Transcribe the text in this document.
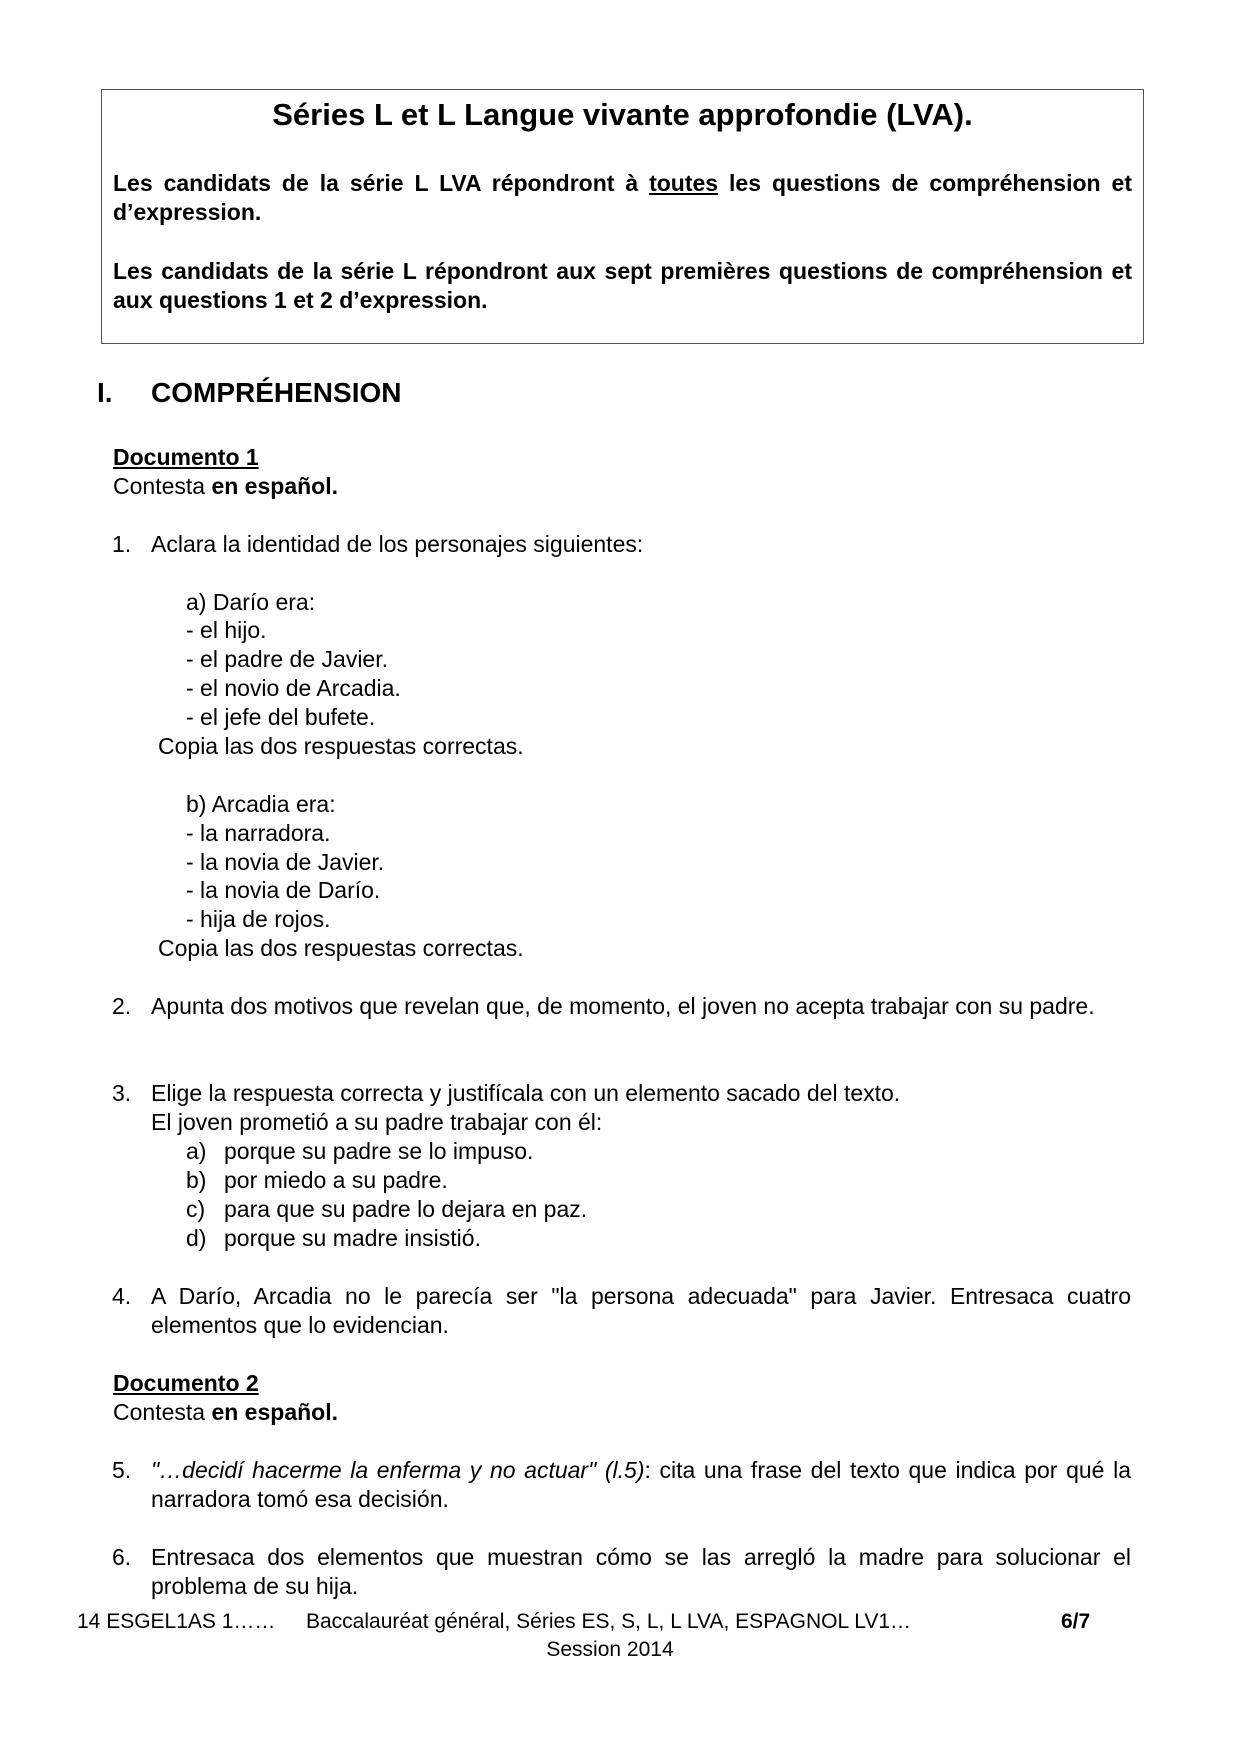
Séries L et L Langue vivante approfondie (LVA).
Les candidats de la série L LVA répondront à toutes les questions de compréhension et d’expression.
Les candidats de la série L répondront aux sept premières questions de compréhension et aux questions 1 et 2 d’expression.
I. COMPRÉHENSION
Documento 1
Contesta en español.
1. Aclara la identidad de los personajes siguientes:
a) Darío era:
- el hijo.
- el padre de Javier.
- el novio de Arcadia.
- el jefe del bufete.
Copia las dos respuestas correctas.
b) Arcadia era:
- la narradora.
- la novia de Javier.
- la novia de Darío.
- hija de rojos.
Copia las dos respuestas correctas.
2. Apunta dos motivos que revelan que, de momento, el joven no acepta trabajar con su padre.
3. Elige la respuesta correcta y justifícala con un elemento sacado del texto.
El joven prometió a su padre trabajar con él:
a) porque su padre se lo impuso.
b) por miedo a su padre.
c) para que su padre lo dejara en paz.
d) porque su madre insistió.
4. A Darío, Arcadia no le parecía ser "la persona adecuada" para Javier. Entresaca cuatro elementos que lo evidencian.
Documento 2
Contesta en español.
5. "…decidí hacerme la enferma y no actuar" (l.5): cita una frase del texto que indica por qué la narradora tomó esa decisión.
6. Entresaca dos elementos que muestran cómo se las arregló la madre para solucionar el problema de su hija.
14 ESGEL1AS 1…… Baccalauréat général, Séries ES, S, L, L LVA, ESPAGNOL LV1…	6/7
Session 2014
